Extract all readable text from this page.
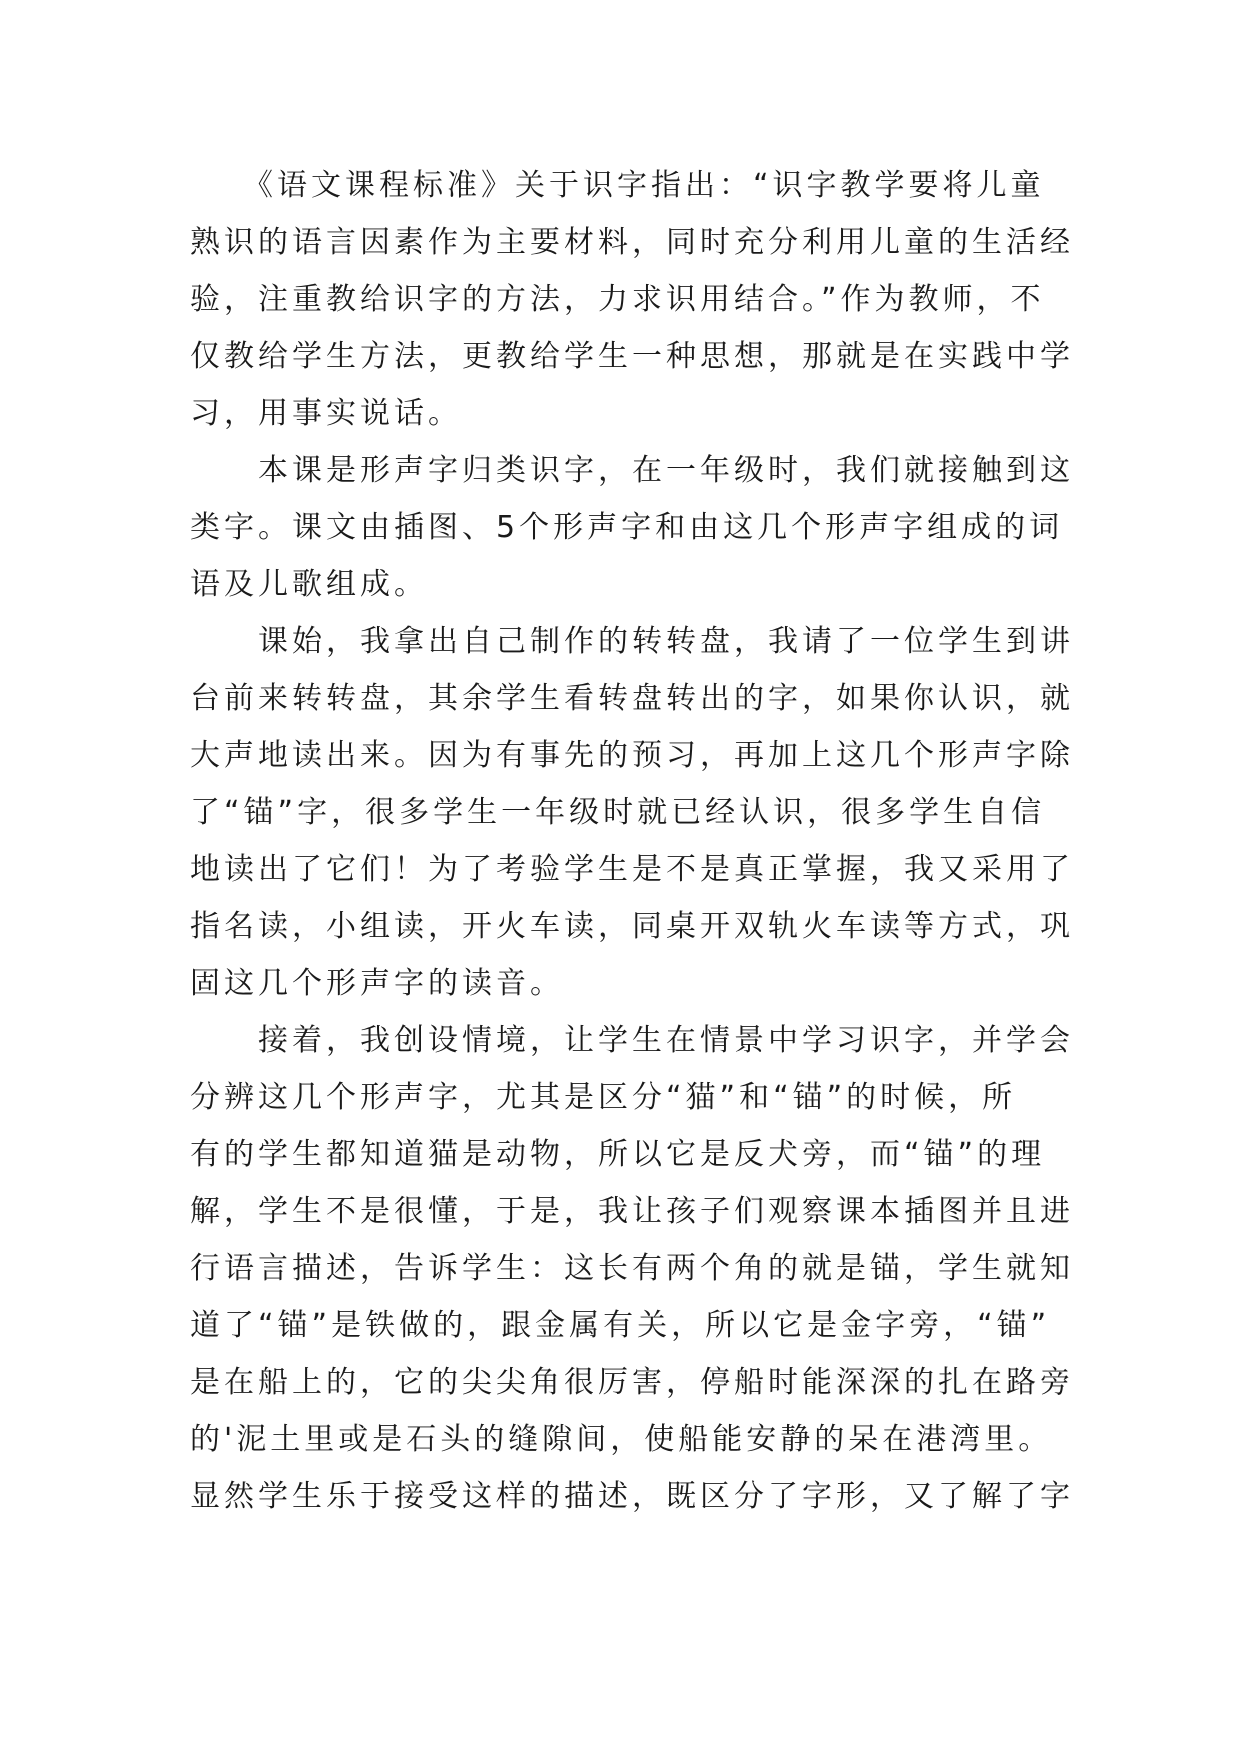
　　《语文课程标准》关于识字指出：“识字教学要将儿童
熟识的语言因素作为主要材料，同时充分利用儿童的生活经
验，注重教给识字的方法，力求识用结合。”作为教师，不
仅教给学生方法，更教给学生一种思想，那就是在实践中学
习，用事实说话。
　　本课是形声字归类识字，在一年级时，我们就接触到这
类字。课文由插图、5个形声字和由这几个形声字组成的词
语及儿歌组成。
　　课始，我拿出自己制作的转转盘，我请了一位学生到讲
台前来转转盘，其余学生看转盘转出的字，如果你认识，就
大声地读出来。因为有事先的预习，再加上这几个形声字除
了“锚”字，很多学生一年级时就已经认识，很多学生自信
地读出了它们！为了考验学生是不是真正掌握，我又采用了
指名读，小组读，开火车读，同桌开双轨火车读等方式，巩
固这几个形声字的读音。
　　接着，我创设情境，让学生在情景中学习识字，并学会
分辨这几个形声字，尤其是区分“猫”和“锚”的时候，所
有的学生都知道猫是动物，所以它是反犬旁，而“锚”的理
解，学生不是很懂，于是，我让孩子们观察课本插图并且进
行语言描述，告诉学生：这长有两个角的就是锚，学生就知
道了“锚”是铁做的，跟金属有关，所以它是金字旁，“锚”
是在船上的，它的尖尖角很厉害，停船时能深深的扎在路旁
的'泥土里或是石头的缝隙间，使船能安静的呆在港湾里。
显然学生乐于接受这样的描述，既区分了字形，又了解了字
